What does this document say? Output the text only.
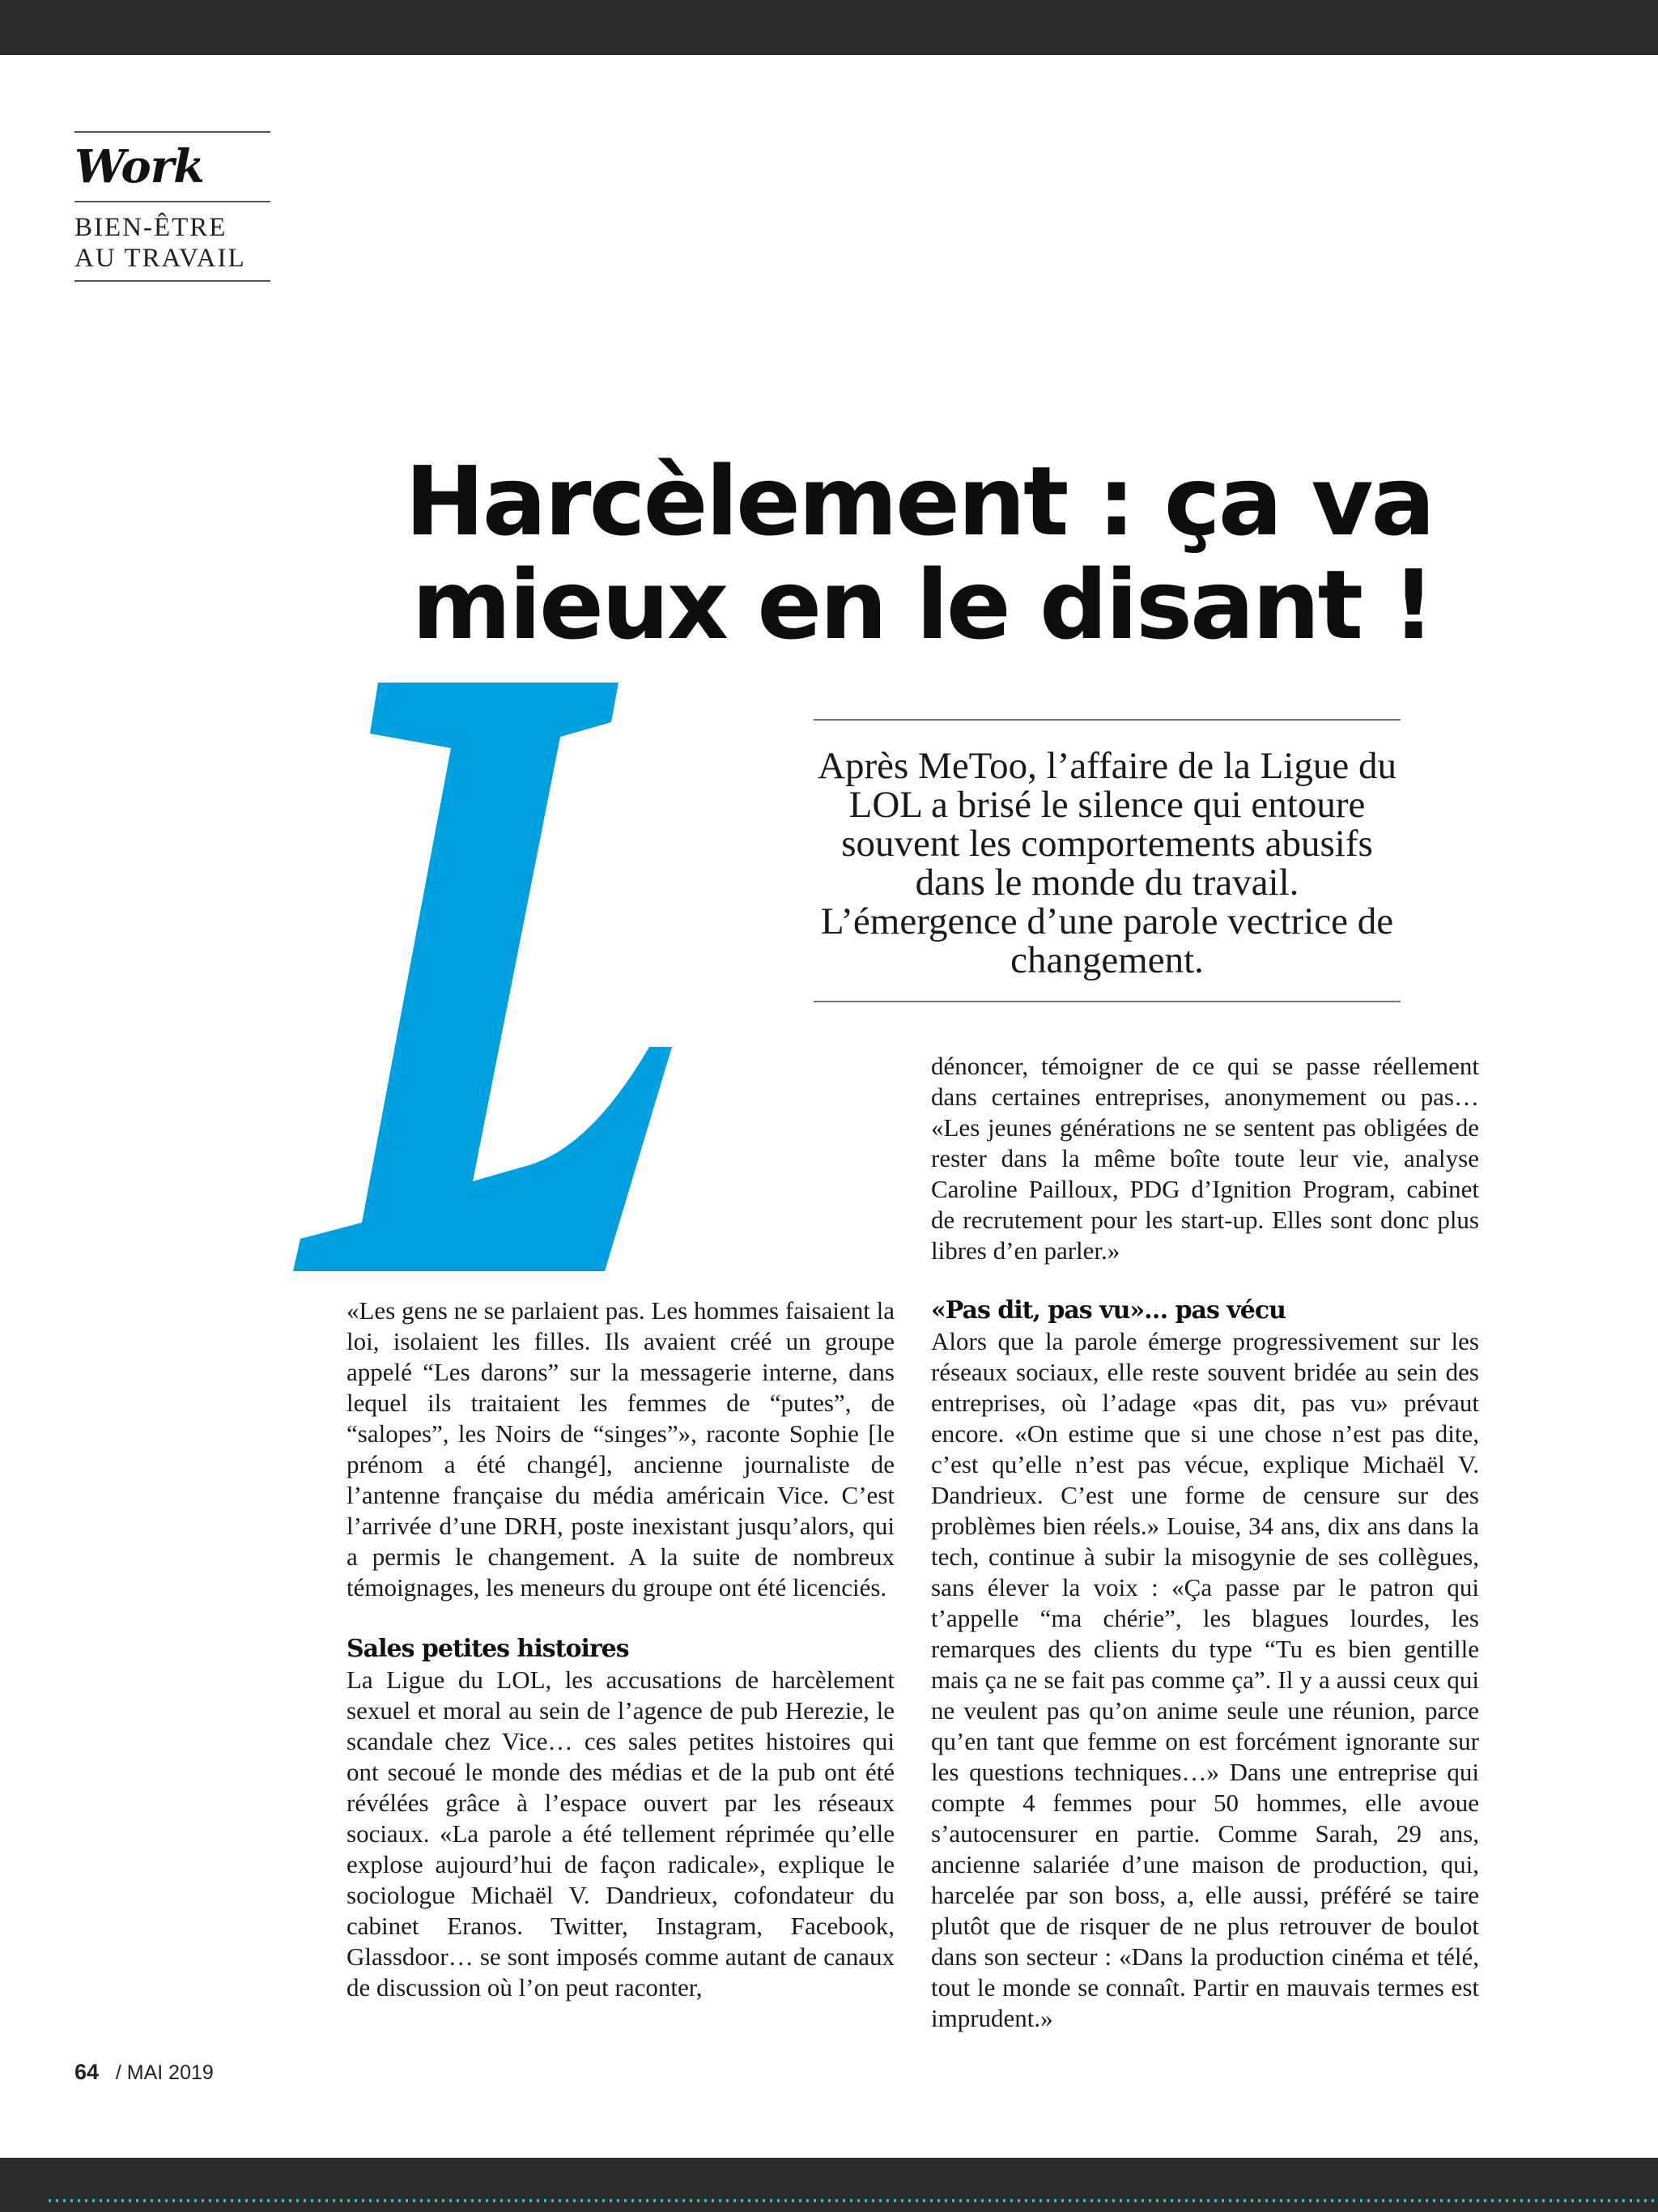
Work
BIEN-ÊTRE
AU TRAVAIL
Harcèlement : ça va
mieux en le disant !

Après MeToo, l’affaire de la Ligue du LOL a brisé le silence qui entoure souvent les comportements abusifs dans le monde du travail. L’émergence d’une parole vectrice de changement.

dénoncer, témoigner de ce qui se passe réellement dans certaines entreprises, anonymement ou pas… «Les jeunes générations ne se sentent pas obligées de rester dans la même boîte toute leur vie, analyse Caroline Pailloux, PDG d’Ignition Program, cabinet de recrutement pour les start-up. Elles sont donc plus libres d’en parler.»

«Les gens ne se parlaient pas. Les hommes faisaient la loi, isolaient les filles. Ils avaient créé un groupe appelé “Les darons” sur la messagerie interne, dans lequel ils traitaient les femmes de “putes”, de “salopes”, les Noirs de “singes”», raconte Sophie [le prénom a été changé], ancienne journaliste de l’antenne française du média américain Vice. C’est l’arrivée d’une DRH, poste inexistant jusqu’alors, qui a permis le changement. A la suite de nombreux témoignages, les meneurs du groupe ont été licenciés.

Sales petites histoires

La Ligue du LOL, les accusations de harcèlement sexuel et moral au sein de l’agence de pub Herezie, le scandale chez Vice… ces sales petites histoires qui ont secoué le monde des médias et de la pub ont été révélées grâce à l’espace ouvert par les réseaux sociaux. «La parole a été tellement réprimée qu’elle explose aujourd’hui de façon radicale», explique le sociologue Michaël V. Dandrieux, cofondateur du cabinet Eranos. Twitter, Instagram, Facebook, Glassdoor… se sont imposés comme autant de canaux de discussion où l’on peut raconter,

«Pas dit, pas vu»… pas vécu

Alors que la parole émerge progressivement sur les réseaux sociaux, elle reste souvent bridée au sein des entreprises, où l’adage «pas dit, pas vu» prévaut encore. «On estime que si une chose n’est pas dite, c’est qu’elle n’est pas vécue, explique Michaël V. Dandrieux. C’est une forme de censure sur des problèmes bien réels.» Louise, 34 ans, dix ans dans la tech, continue à subir la misogynie de ses collègues, sans élever la voix : «Ça passe par le patron qui t’appelle “ma chérie”, les blagues lourdes, les remarques des clients du type “Tu es bien gentille mais ça ne se fait pas comme ça”. Il y a aussi ceux qui ne veulent pas qu’on anime seule une réunion, parce qu’en tant que femme on est forcément ignorante sur les questions techniques…» Dans une entreprise qui compte 4 femmes pour 50 hommes, elle avoue s’autocensurer en partie. Comme Sarah, 29 ans, ancienne salariée d’une maison de production, qui, harcelée par son boss, a, elle aussi, préféré se taire plutôt que de risquer de ne plus retrouver de boulot dans son secteur : «Dans la production cinéma et télé, tout le monde se connaît. Partir en mauvais termes est imprudent.»

64 / MAI 2019
